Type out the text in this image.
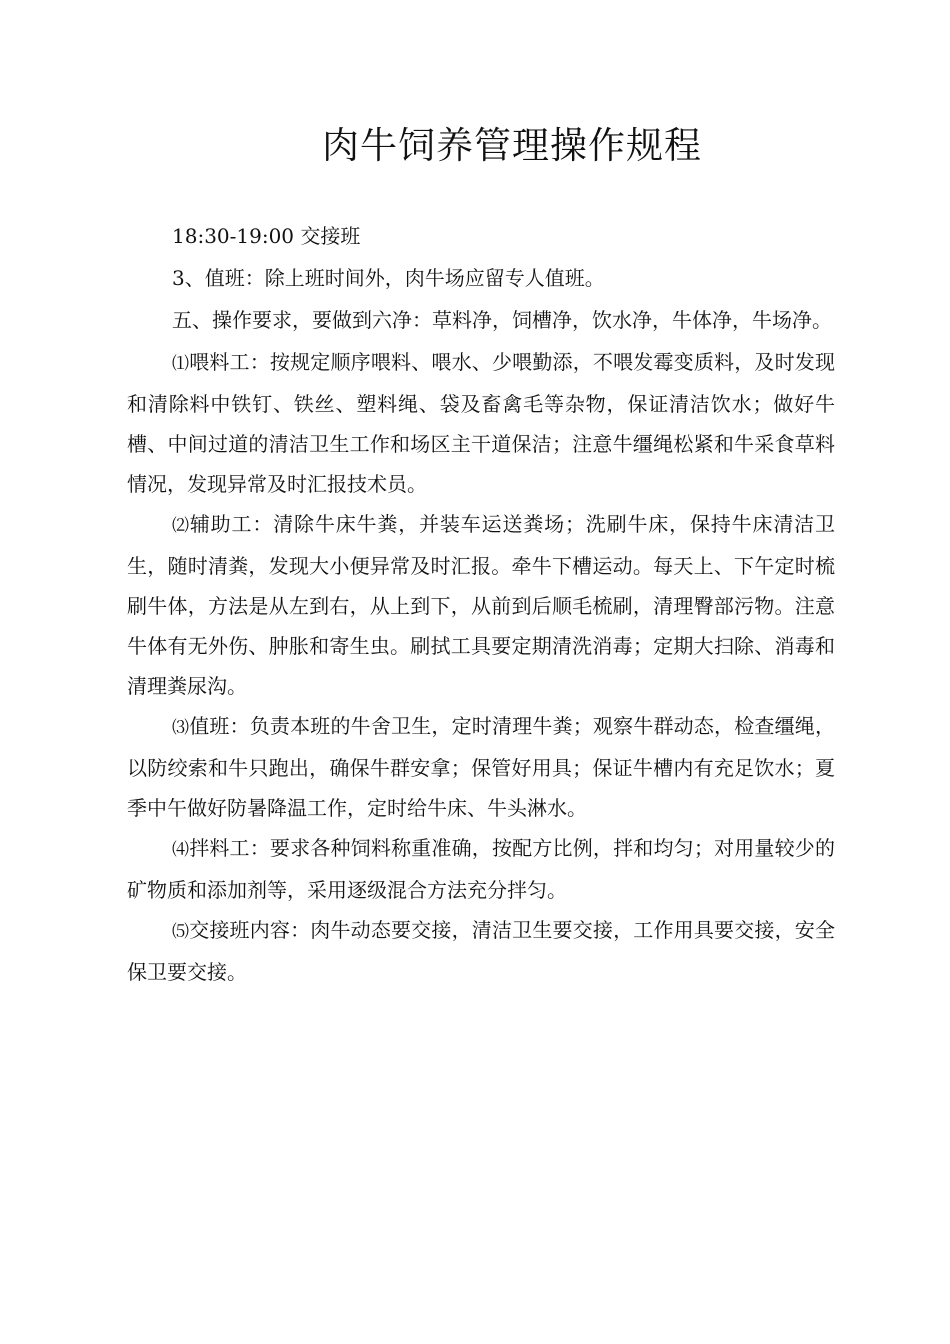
肉牛饲养管理操作规程

18:30-19:00 交接班

3、值班：除上班时间外，肉牛场应留专人值班。

五、操作要求，要做到六净：草料净，饲槽净，饮水净，牛体净，牛场净。

⑴喂料工：按规定顺序喂料、喂水、少喂勤添，不喂发霉变质料，及时发现和清除料中铁钉、铁丝、塑料绳、袋及畜禽毛等杂物，保证清洁饮水；做好牛槽、中间过道的清洁卫生工作和场区主干道保洁；注意牛缰绳松紧和牛采食草料情况，发现异常及时汇报技术员。

⑵辅助工：清除牛床牛粪，并装车运送粪场；洗刷牛床，保持牛床清洁卫生，随时清粪，发现大小便异常及时汇报。牵牛下槽运动。每天上、下午定时梳刷牛体，方法是从左到右，从上到下，从前到后顺毛梳刷，清理臀部污物。注意牛体有无外伤、肿胀和寄生虫。刷拭工具要定期清洗消毒；定期大扫除、消毒和清理粪尿沟。

⑶值班：负责本班的牛舍卫生，定时清理牛粪；观察牛群动态，检查缰绳，以防绞索和牛只跑出，确保牛群安拿；保管好用具；保证牛槽内有充足饮水；夏季中午做好防暑降温工作，定时给牛床、牛头淋水。

⑷拌料工：要求各种饲料称重准确，按配方比例，拌和均匀；对用量较少的矿物质和添加剂等，采用逐级混合方法充分拌匀。

⑸交接班内容：肉牛动态要交接，清洁卫生要交接，工作用具要交接，安全保卫要交接。
